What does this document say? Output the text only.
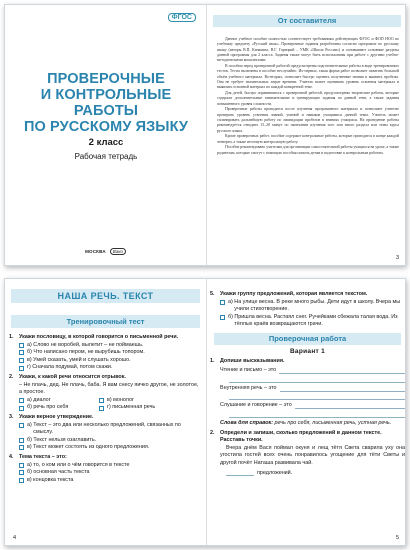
ФГОС
ПРОВЕРОЧНЫЕ
И КОНТРОЛЬНЫЕ
РАБОТЫ
ПО РУССКОМУ ЯЗЫКУ
2 класс
Рабочая тетрадь
МОСКВА	Вако
От составителя

Данное учебное пособие полностью соответствует требованиям действующих ФГОС и ФОП НОО по учебному предмету «Русский язык». Проверочные задания разработаны согласно программе по русскому языку (авторы В.П. Канакина, В.Г. Горецкий – УМК «Школа России») и основывают основные разделы данной программы для 2 класса. Задания также могут быть использованы при работе с другими учебно-методическими комплектами.

В пособии перед проверочной работой предусмотрены подготовительные работы в виде тренировочных тестов. Тесты включены в пособие неслучайно. Их-первых, такая форма работ позволяет охватить большой объём учебного материала. Во-вторых, позволяет быстро оценить полученные знания и выявить пробелы. Она не требует значительных затрат времени. Учитель может оценивать уровень освоения материала и выявлять основной материал по каждой конкретной теме.

Для детей, быстро справившихся с проверочной работой, предусмотрены творческие работы, которые содержат дополнительные занимательные и тренирующие задания по данной теме, а также задания повышенного уровня сложности.

Проверочные работы проводятся после изучения программного материала и позволяют учителю проверить уровень усвоения знаний, умений и навыков учащимися данной темы. Учитель может спланировать дальнейшую работу по ликвидации пробелов в знаниях учащихся. На проведение работы рекомендуется отводить 15–20 минут по окончании изучения того или иного раздела или темы курса русского языка.

Кроме проверочных работ, пособие содержит контрольные работы, которые проводятся в конце каждой четверти, а также итоговую контрольную работу.

Пособие рекомендовано учителям для организации самостоятельной работы учащихся на уроке, а также родителям, которые смогут с помощью пособия помочь детям в подготовке к контрольным работам.

3
НАША РЕЧЬ. ТЕКСТ
Тренировочный тест
1.	Укажи пословицу, в которой говорится о письменной речи.
а)
Слово не воробей, вылетит – не поймаешь.
б)
Что написано пером, не вырубишь топором.
в)
Умей сказать, умей и слушать хорошо.
г)
Сначала подумай, потом скажи.
2.	Укажи, к какой речи относится отрывок.
– Не плачь, дед. Не плачь, баба. Я вам снесу яичко другое, не золотое, а простое.
а)
диалог	в)
монолог
б)
речь про себя	г)
письменная речь
3.	Укажи верное утверждение.
а)
Текст – это два или несколько предложений, связанных по смыслу.
б)
Текст нельзя озаглавить.
в)
Текст может состоять из одного предложения.
4.	Тема текста – это:
а)
то, о ком или о чём говорится в тексте
б)
основная часть текста
в)
концовка текста
4
5.	Укажи группу предложений, которая является текстом.
а)
На улице весна. В реке много рыбы. Дети идут в школу. Вчера мы учили стихотворение.
б)
Пришла весна. Растаял снег. Ручейками сбежала талая вода. Из тёплых краёв возвращаются грачи.
Проверочная работа
Вариант 1
1.	Допиши высказывания.
Чтение и письмо – это
Внутренняя речь – это
Слушание и говорение – это
Слова для справок: речь про себя, письменная речь, устная речь.
2.	Определи и запиши, сколько предложений в данном тексте. Расставь точки.
Вчера днём Вася поймал окуня и лещ тётя Света сварила уху она угостила гостей всех очень понравилось угощение для тёти Светы и другой почёт Наташа развивала чай.
предложений.
5
